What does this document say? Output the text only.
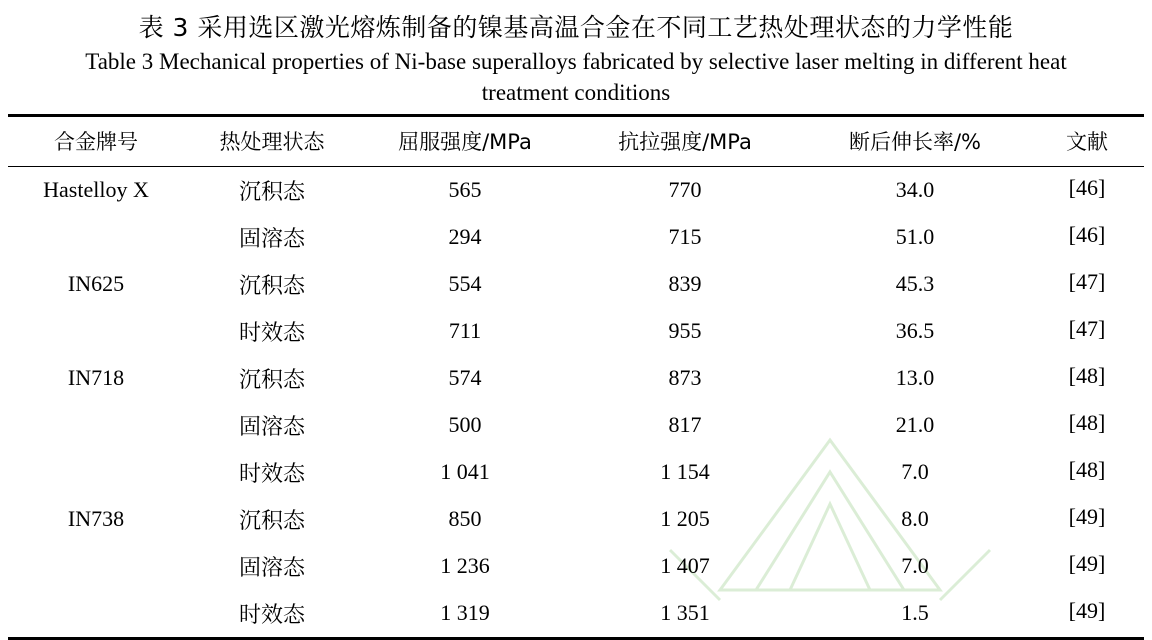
表 3 采用选区激光熔炼制备的镍基高温合金在不同工艺热处理状态的力学性能
Table 3 Mechanical properties of Ni-base superalloys fabricated by selective laser melting in different heat treatment conditions
合金牌号	热处理状态	屈服强度/MPa	抗拉强度/MPa	断后伸长率/%	文献
Hastelloy X	沉积态	565	770	34.0	[46]
	固溶态	294	715	51.0	[46]
IN625	沉积态	554	839	45.3	[47]
	时效态	711	955	36.5	[47]
IN718	沉积态	574	873	13.0	[48]
	固溶态	500	817	21.0	[48]
	时效态	1 041	1 154	7.0	[48]
IN738	沉积态	850	1 205	8.0	[49]
	固溶态	1 236	1 407	7.0	[49]
	时效态	1 319	1 351	1.5	[49]
